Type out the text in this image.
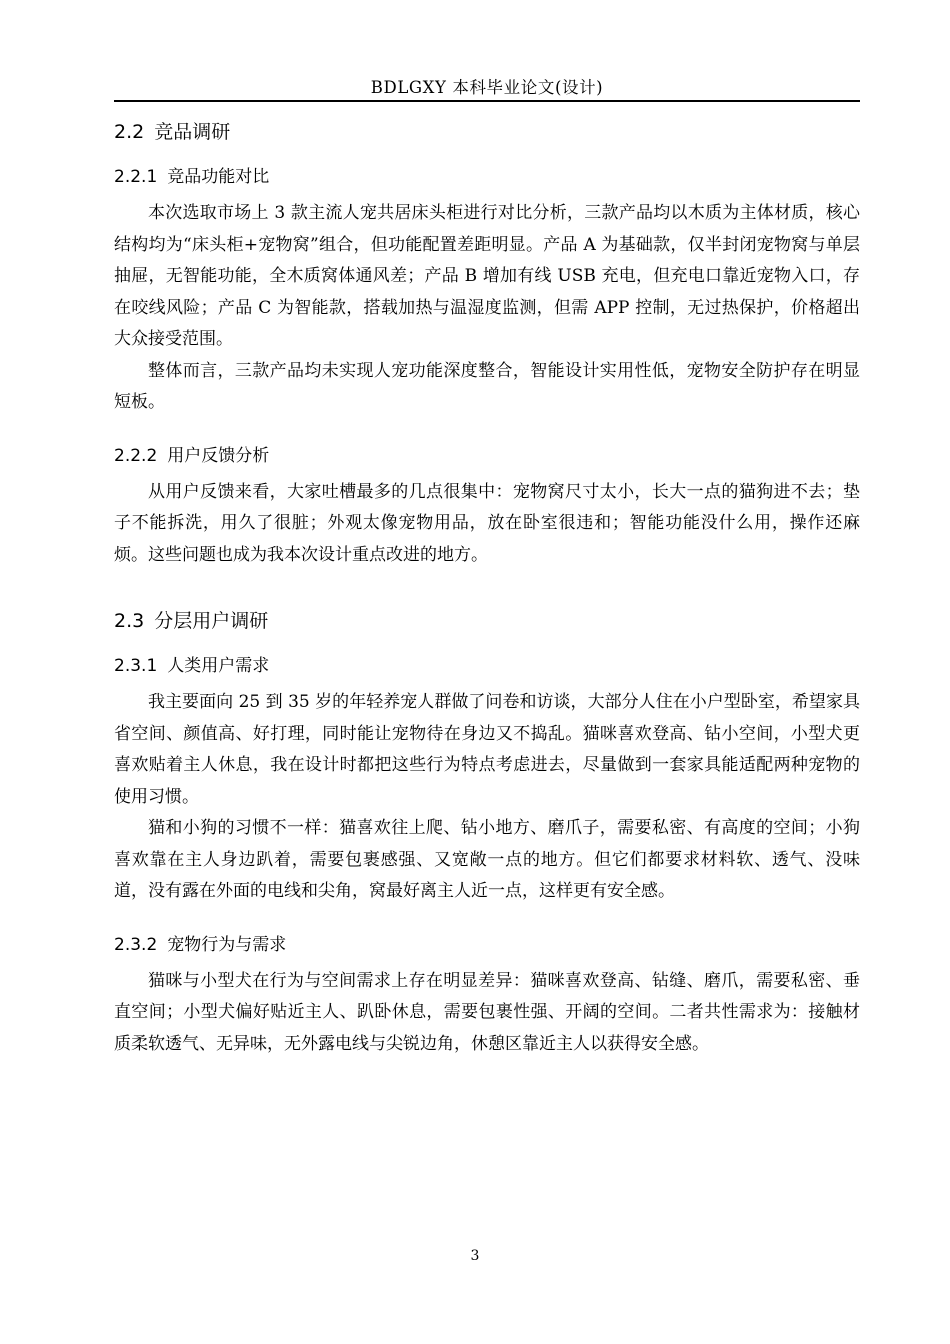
BDLGXY 本科毕业论文(设计)
2.2 竞品调研
2.2.1 竞品功能对比

本次选取市场上 3 款主流人宠共居床头柜进行对比分析，三款产品均以木质为主体材质，核心结构均为“床头柜+宠物窝”组合，但功能配置差距明显。产品 A 为基础款，仅半封闭宠物窝与单层抽屉，无智能功能，全木质窝体通风差；产品 B 增加有线 USB 充电，但充电口靠近宠物入口，存在咬线风险；产品 C 为智能款，搭载加热与温湿度监测，但需 APP 控制，无过热保护，价格超出大众接受范围。

整体而言，三款产品均未实现人宠功能深度整合，智能设计实用性低，宠物安全防护存在明显短板。

2.2.2 用户反馈分析

从用户反馈来看，大家吐槽最多的几点很集中：宠物窝尺寸太小，长大一点的猫狗进不去；垫子不能拆洗，用久了很脏；外观太像宠物用品，放在卧室很违和；智能功能没什么用，操作还麻烦。这些问题也成为我本次设计重点改进的地方。

2.3 分层用户调研
2.3.1 人类用户需求

我主要面向 25 到 35 岁的年轻养宠人群做了问卷和访谈，大部分人住在小户型卧室，希望家具省空间、颜值高、好打理，同时能让宠物待在身边又不捣乱。猫咪喜欢登高、钻小空间，小型犬更喜欢贴着主人休息，我在设计时都把这些行为特点考虑进去，尽量做到一套家具能适配两种宠物的使用习惯。

猫和小狗的习惯不一样：猫喜欢往上爬、钻小地方、磨爪子，需要私密、有高度的空间；小狗喜欢靠在主人身边趴着，需要包裹感强、又宽敞一点的地方。但它们都要求材料软、透气、没味道，没有露在外面的电线和尖角，窝最好离主人近一点，这样更有安全感。

2.3.2 宠物行为与需求

猫咪与小型犬在行为与空间需求上存在明显差异：猫咪喜欢登高、钻缝、磨爪，需要私密、垂直空间；小型犬偏好贴近主人、趴卧休息，需要包裹性强、开阔的空间。二者共性需求为：接触材质柔软透气、无异味，无外露电线与尖锐边角，休憩区靠近主人以获得安全感。

3
